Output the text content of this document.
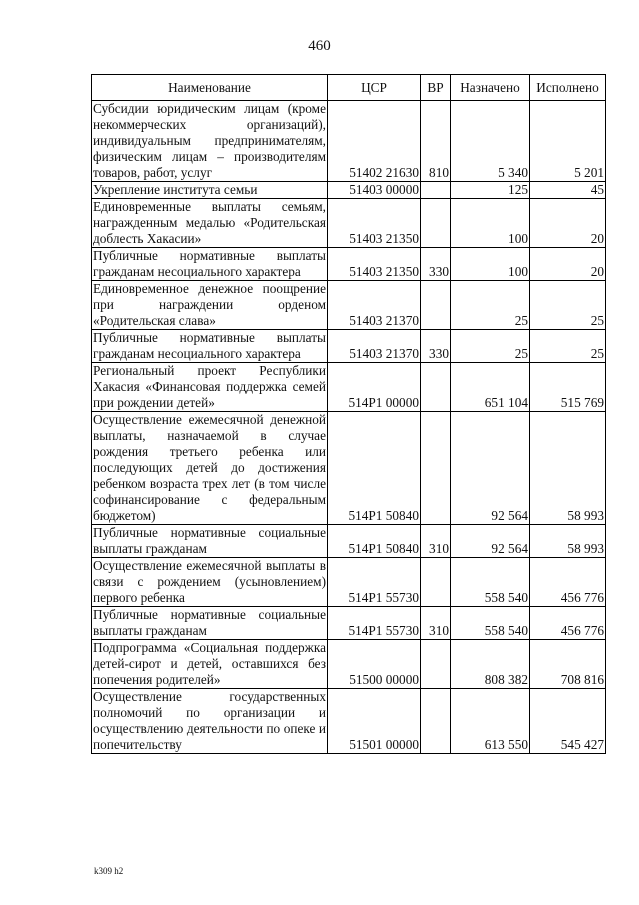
460
Наименование	ЦСР	ВР	Назначено	Исполнено
Субсидии юридическим лицам (кроме некоммерческих организаций), индивидуальным предпринимателям, физическим лицам – производителям товаров, работ, услуг	51402 21630	810	5 340	5 201
Укрепление института семьи	51403 00000		125	45
Единовременные выплаты семьям, награжденным медалью «Родительская доблесть Хакасии»	51403 21350		100	20
Публичные нормативные выплаты гражданам несоциального характера	51403 21350	330	100	20
Единовременное денежное поощрение при награждении орденом «Родительская слава»	51403 21370		25	25
Публичные нормативные выплаты гражданам несоциального характера	51403 21370	330	25	25
Региональный проект Республики Хакасия «Финансовая поддержка семей при рождении детей»	514P1 00000		651 104	515 769
Осуществление ежемесячной денежной выплаты, назначаемой в случае рождения третьего ребенка или последующих детей до достижения ребенком возраста трех лет (в том числе софинансирование с федеральным бюджетом)	514P1 50840		92 564	58 993
Публичные нормативные социальные выплаты гражданам	514P1 50840	310	92 564	58 993
Осуществление ежемесячной выплаты в связи с рождением (усыновлением) первого ребенка	514P1 55730		558 540	456 776
Публичные нормативные социальные выплаты гражданам	514P1 55730	310	558 540	456 776
Подпрограмма «Социальная поддержка детей-сирот и детей, оставшихся без попечения родителей»	51500 00000		808 382	708 816
Осуществление государственных полномочий по организации и осуществлению деятельности по опеке и попечительству	51501 00000		613 550	545 427
k309 h2
